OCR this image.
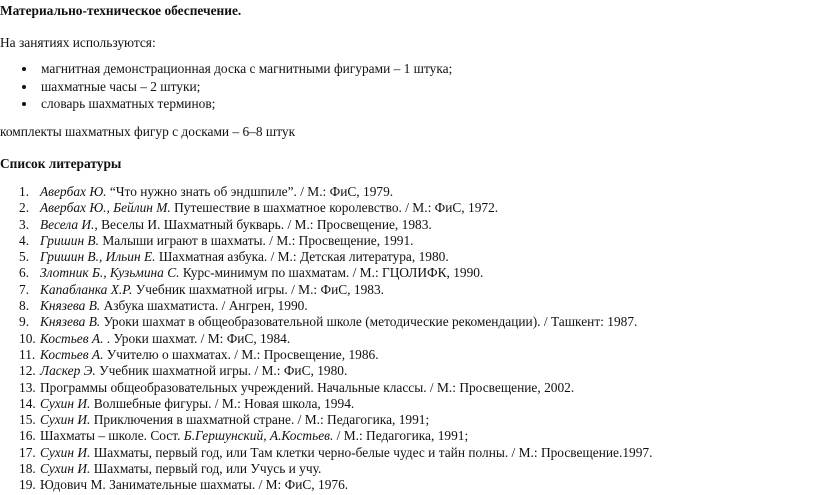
Материально-техническое обеспечение.
На занятиях используются:
магнитная демонстрационная доска с магнитными фигурами – 1 штука;
шахматные часы – 2 штуки;
словарь шахматных терминов;
комплекты шахматных фигур с досками – 6–8 штук
Список литературы
1. Авербах Ю. “Что нужно знать об эндшпиле”. / М.: ФиС, 1979.
2. Авербах Ю., Бейлин М. Путешествие в шахматное королевство. / М.: ФиС, 1972.
3. Весела И., Веселы И. Шахматный букварь. / М.: Просвещение, 1983.
4. Гришин В. Малыши играют в шахматы. / М.: Просвещение, 1991.
5. Гришин В., Ильин Е. Шахматная азбука. / М.: Детская литература, 1980.
6. Злотник Б., Кузьмина С. Курс-минимум по шахматам. / М.: ГЦОЛИФК, 1990.
7. Капабланка Х.Р. Учебник шахматной игры. / М.: ФиС, 1983.
8. Князева В. Азбука шахматиста. / Ангрен, 1990.
9. Князева В. Уроки шахмат в общеобразовательной школе (методические рекомендации). / Ташкент: 1987.
10. Костьев А. . Уроки шахмат. / М: ФиС, 1984.
11. Костьев А. Учителю о шахматах. / М.: Просвещение, 1986.
12. Ласкер Э. Учебник шахматной игры. / М.: ФиС, 1980.
13. Программы общеобразовательных учреждений. Начальные классы. / М.: Просвещение, 2002.
14. Сухин И. Волшебные фигуры. / М.: Новая школа, 1994.
15. Сухин И. Приключения в шахматной стране. / М.: Педагогика, 1991;
16. Шахматы – школе. Сост. Б.Гершунский, А.Костьев. / М.: Педагогика, 1991;
17. Сухин И. Шахматы, первый год, или Там клетки черно-белые чудес и тайн полны. / М.: Просвещение.1997.
18. Сухин И. Шахматы, первый год, или Учусь и учу.
19. Юдович М. Занимательные шахматы. / М: ФиС, 1976.
